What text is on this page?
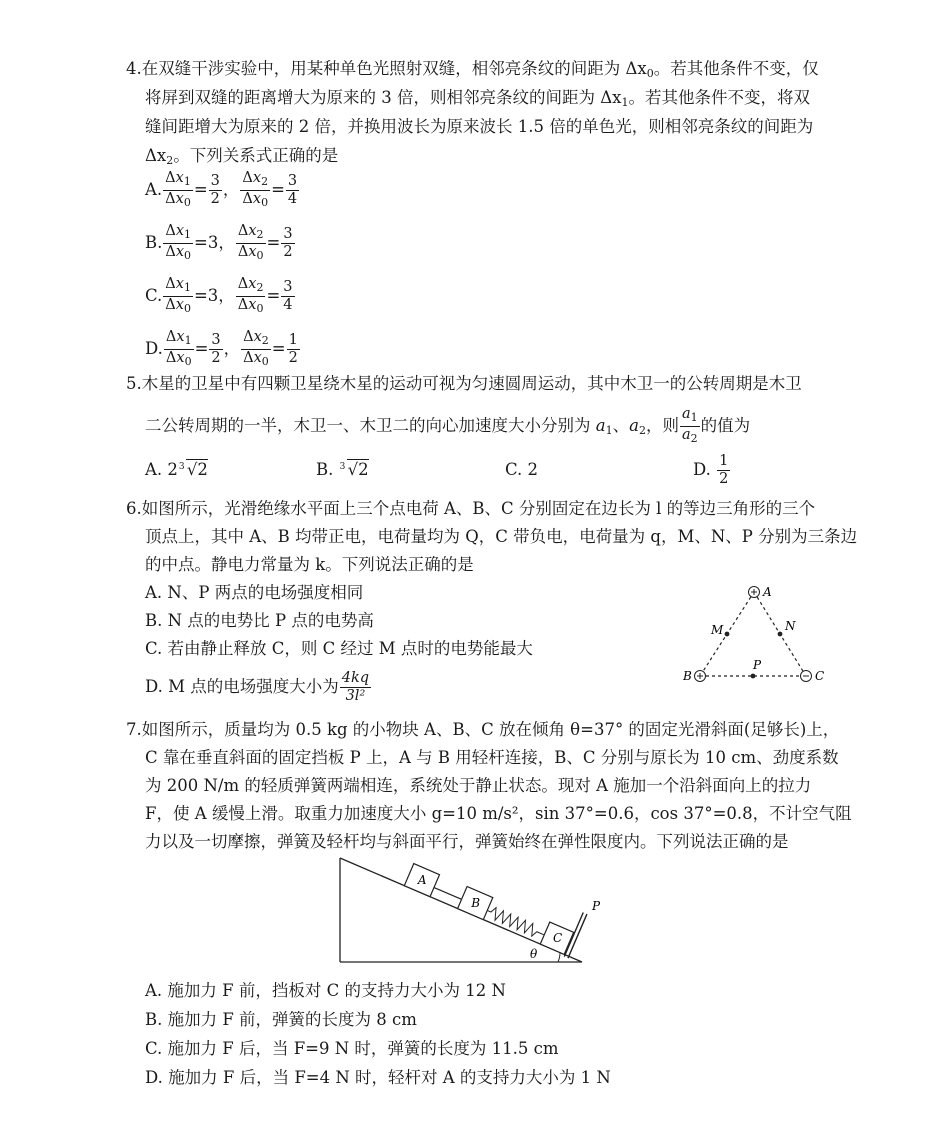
4.在双缝干涉实验中，用某种单色光照射双缝，相邻亮条纹的间距为 $\Delta x_0$。若其他条件不变，仅
将屏到双缝的距离增大为原来的 3 倍，则相邻亮条纹的间距为 $\Delta x_1$。若其他条件不变，将双
缝间距增大为原来的 2 倍，并换用波长为原来波长 1.5 倍的单色光，则相邻亮条纹的间距为
$\Delta x_2$。下列关系式正确的是
A. $\frac{\Delta x_1}{\Delta x_0} = \frac{3}{2}$ ， $\frac{\Delta x_2}{\Delta x_0} = \frac{3}{4}$
B. $\frac{\Delta x_1}{\Delta x_0} =3$， $\frac{\Delta x_2}{\Delta x_0} = \frac{3}{2}$
C. $\frac{\Delta x_1}{\Delta x_0} =3$， $\frac{\Delta x_2}{\Delta x_0} = \frac{3}{4}$
D. $\frac{\Delta x_1}{\Delta x_0} = \frac{3}{2}$ ， $\frac{\Delta x_2}{\Delta x_0} = \frac{1}{2}$
5.木星的卫星中有四颗卫星绕木星的运动可视为匀速圆周运动，其中木卫一的公转周期是木卫
二公转周期的一半，木卫一、木卫二的向心加速度大小分别为 $a_1$、$a_2$，则 $\frac{a_1}{a_2}$ 的值为
A. 2 3 √2	B. 3 √2	C. 2	D. $\frac{1}{2}$
6.如图所示，光滑绝缘水平面上三个点电荷 A、B、C 分别固定在边长为 l 的等边三角形的三个
顶点上，其中 A、B 均带正电，电荷量均为 Q，C 带负电，电荷量为 q，M、N、P 分别为三条边
的中点。静电力常量为 k。下列说法正确的是
A. N、P 两点的电场强度相同
B. N 点的电势比 P 点的电势高
C. 若由静止释放 C，则 C 经过 M 点时的电势能最大
D. M 点的电场强度大小为 $\frac{4kq}{\text{3l²}}$
A
B	C
M	N
P
7.如图所示，质量均为 0.5 kg 的小物块 A、B、C 放在倾角 θ=37° 的固定光滑斜面(足够长)上，
C 靠在垂直斜面的固定挡板 P 上，A 与 B 用轻杆连接，B、C 分别与原长为 10 cm、劲度系数
为 200 N/m 的轻质弹簧两端相连，系统处于静止状态。现对 A 施加一个沿斜面向上的拉力
F，使 A 缓慢上滑。取重力加速度大小 g=10 m/s²，sin 37°=0.6，cos 37°=0.8，不计空气阻
力以及一切摩擦，弹簧及轻杆均与斜面平行，弹簧始终在弹性限度内。下列说法正确的是
A
B
C
P
θ
A. 施加力 F 前，挡板对 C 的支持力大小为 12 N
B. 施加力 F 前，弹簧的长度为 8 cm
C. 施加力 F 后，当 F=9 N 时，弹簧的长度为 11.5 cm
D. 施加力 F 后，当 F=4 N 时，轻杆对 A 的支持力大小为 1 N
